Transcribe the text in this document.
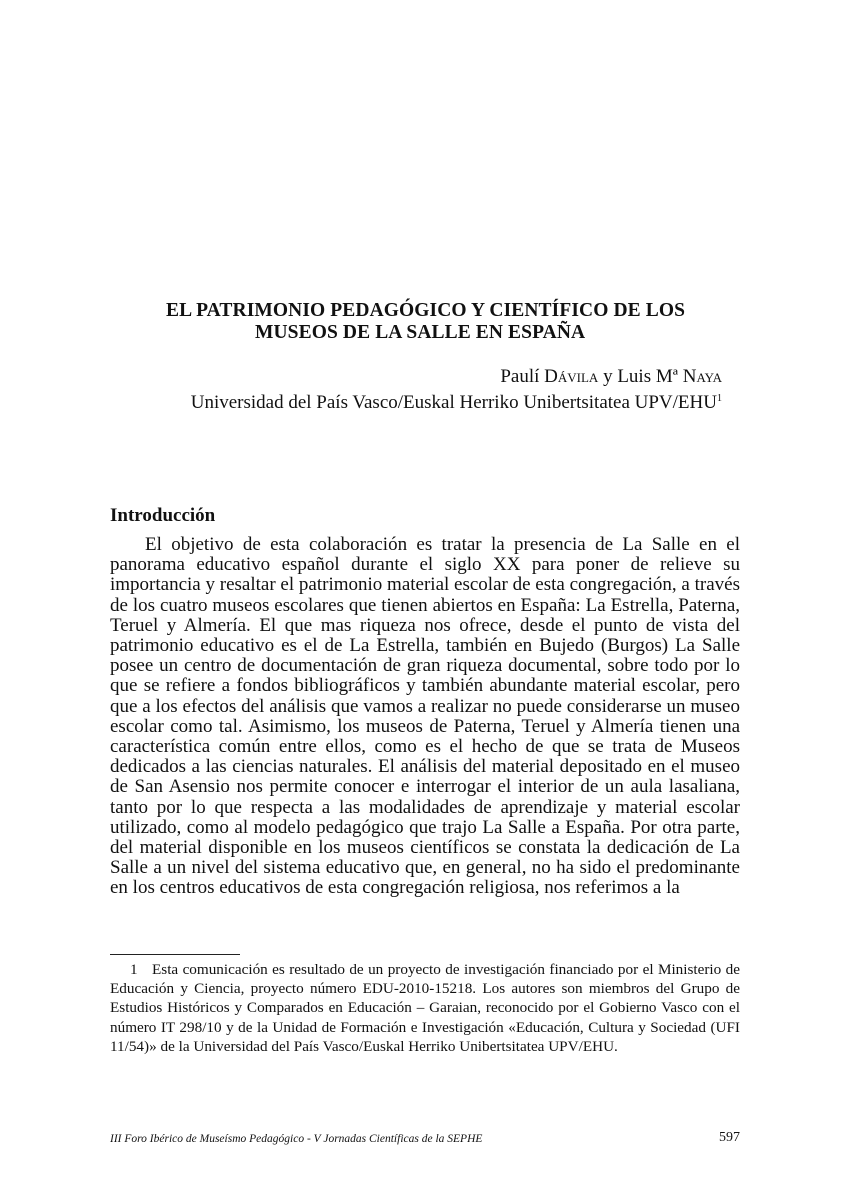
EL PATRIMONIO PEDAGÓGICO Y CIENTÍFICO DE LOS
MUSEOS DE LA SALLE EN ESPAÑA
Paulí Dávila y Luis Mª Naya
Universidad del País Vasco/Euskal Herriko Unibertsitatea UPV/EHU$^1$
Introducción

El objetivo de esta colaboración es tratar la presencia de La Salle en el panorama educativo español durante el siglo XX para poner de relieve su importancia y resaltar el patrimonio material escolar de esta congregación, a través de los cuatro museos escolares que tienen abiertos en España: La Estrella, Paterna, Teruel y Almería. El que mas riqueza nos ofrece, desde el punto de vista del patrimonio educativo es el de La Estrella, también en Bujedo (Burgos) La Salle posee un centro de documentación de gran riqueza documental, sobre todo por lo que se refiere a fondos bibliográficos y también abundante material escolar, pero que a los efectos del análisis que vamos a realizar no puede considerarse un museo escolar como tal. Asimismo, los museos de Paterna, Teruel y Almería tienen una característica común entre ellos, como es el hecho de que se trata de Museos dedicados a las ciencias naturales. El análisis del material depositado en el museo de San Asensio nos permite conocer e interrogar el interior de un aula lasaliana, tanto por lo que respecta a las modalidades de aprendizaje y material escolar utilizado, como al modelo pedagógico que trajo La Salle a España. Por otra parte, del material disponible en los museos científicos se constata la dedicación de La Salle a un nivel del sistema educativo que, en general, no ha sido el predominante en los centros educativos de esta congregación religiosa, nos referimos a la

1 Esta comunicación es resultado de un proyecto de investigación financiado por el Ministerio de Educación y Ciencia, proyecto número EDU-2010-15218. Los autores son miembros del Grupo de Estudios Históricos y Comparados en Educación – Garaian, reconocido por el Gobierno Vasco con el número IT 298/10 y de la Unidad de Formación e Investigación «Educación, Cultura y Sociedad (UFI 11/54)» de la Universidad del País Vasco/Euskal Herriko Unibertsitatea UPV/EHU.

III Foro Ibérico de Museísmo Pedagógico - V Jornadas Científicas de la SEPHE	597
